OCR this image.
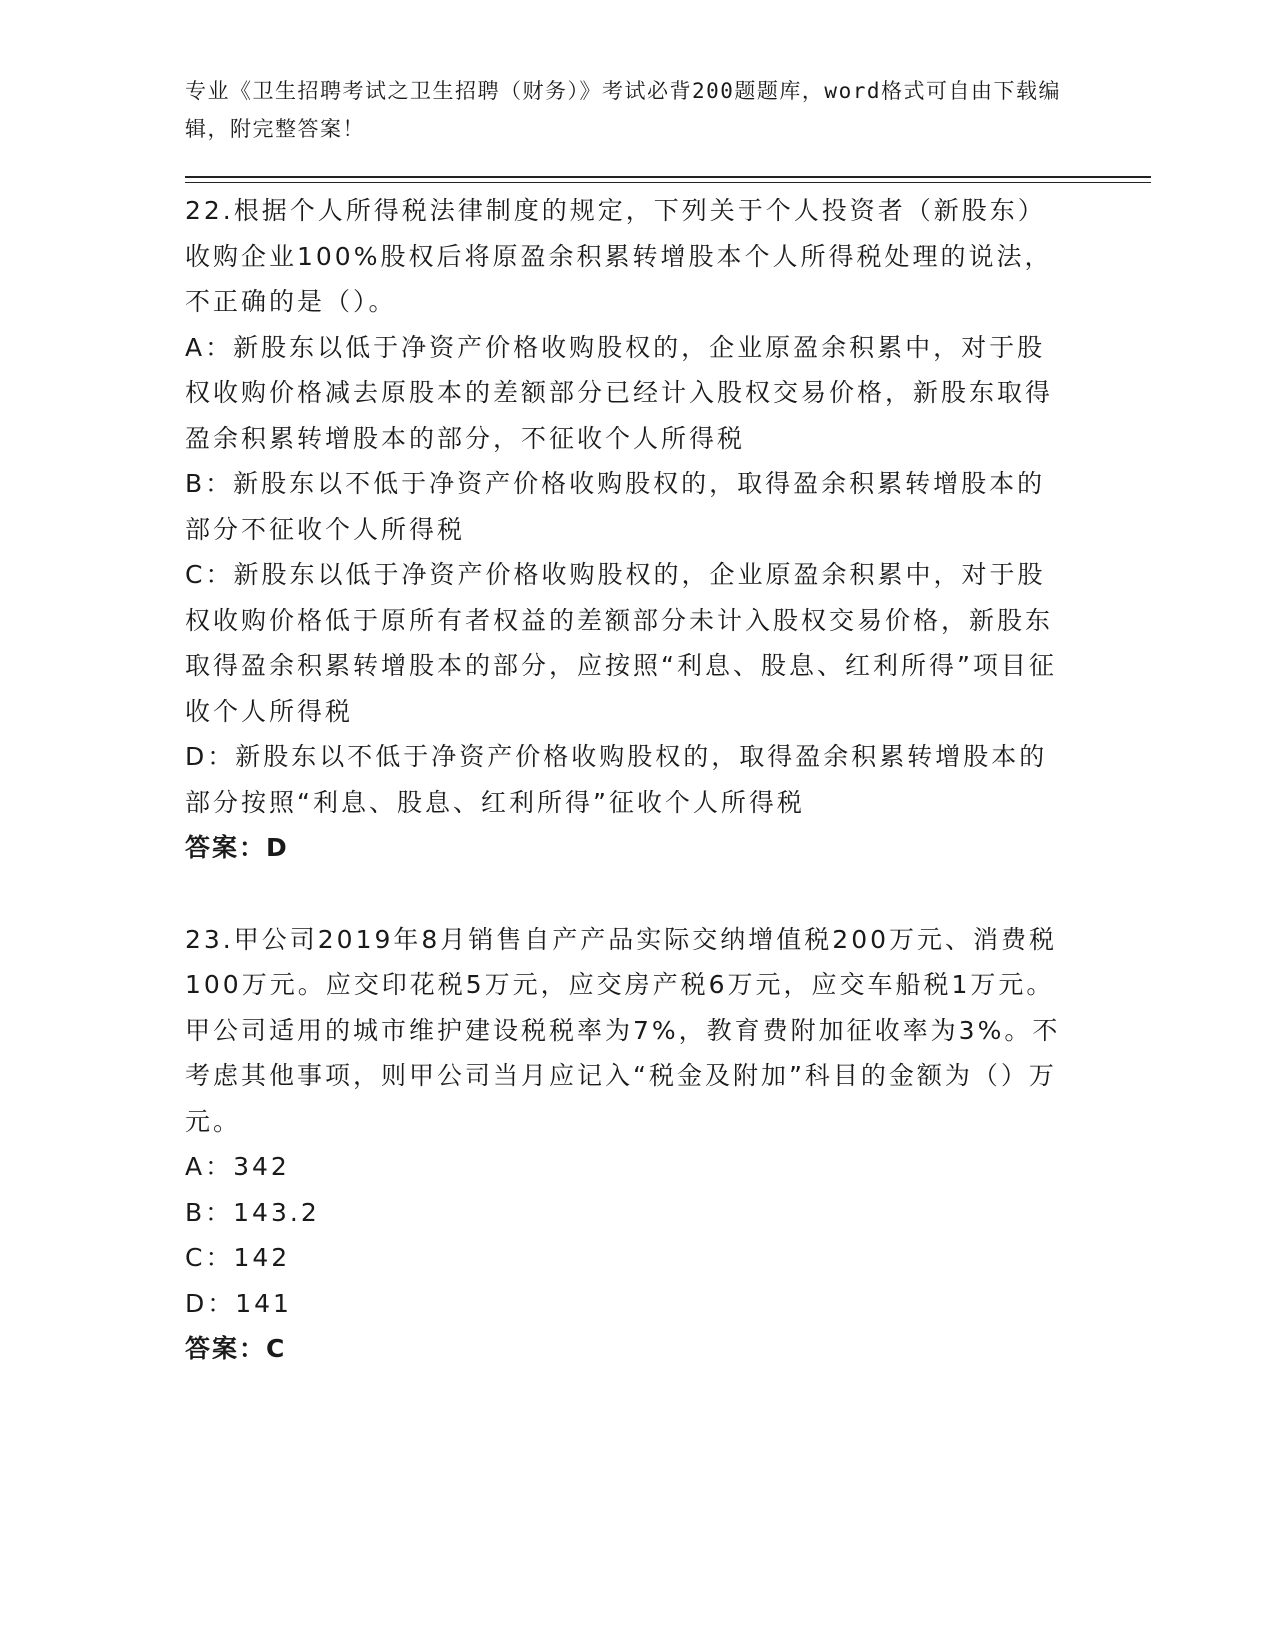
专业《卫生招聘考试之卫生招聘（财务）》考试必背200题题库，word格式可自由下载编辑，附完整答案！

22.根据个人所得税法律制度的规定，下列关于个人投资者（新股东）收购企业100%股权后将原盈余积累转增股本个人所得税处理的说法，不正确的是（）。

A：新股东以低于净资产价格收购股权的，企业原盈余积累中，对于股权收购价格减去原股本的差额部分已经计入股权交易价格，新股东取得盈余积累转增股本的部分，不征收个人所得税

B：新股东以不低于净资产价格收购股权的，取得盈余积累转增股本的部分不征收个人所得税

C：新股东以低于净资产价格收购股权的，企业原盈余积累中，对于股权收购价格低于原所有者权益的差额部分未计入股权交易价格，新股东取得盈余积累转增股本的部分，应按照“利息、股息、红利所得”项目征收个人所得税

D：新股东以不低于净资产价格收购股权的，取得盈余积累转增股本的部分按照“利息、股息、红利所得”征收个人所得税

答案：D

23.甲公司2019年8月销售自产产品实际交纳增值税200万元、消费税100万元。应交印花税5万元，应交房产税6万元，应交车船税1万元。甲公司适用的城市维护建设税税率为7%，教育费附加征收率为3%。不考虑其他事项，则甲公司当月应记入“税金及附加”科目的金额为（）万元。

A：342

B：143.2

C：142

D：141

答案：C
